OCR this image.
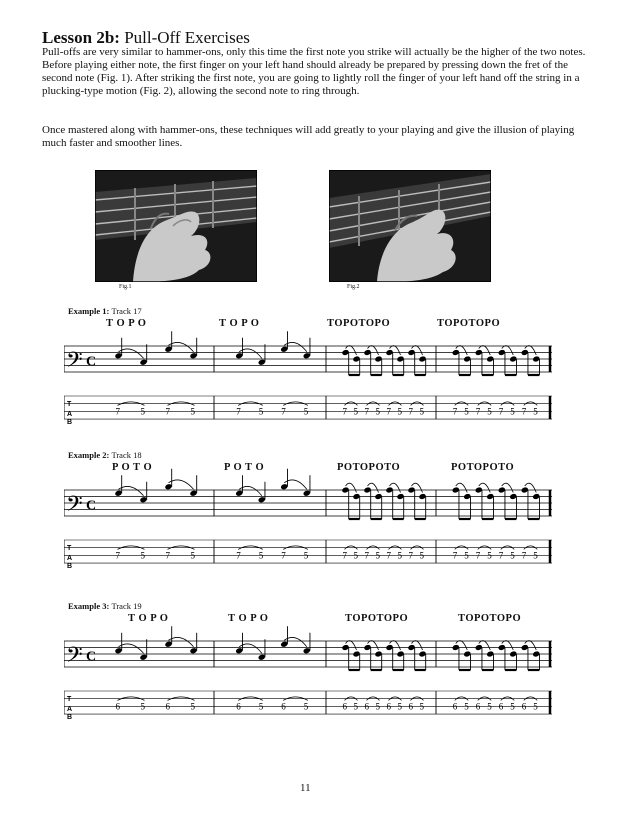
Lesson 2b: Pull-Off Exercises

Pull-offs are very similar to hammer-ons, only this time the first note you strike will actually be the higher of the two notes. Before playing either note, the first finger on your left hand should already be prepared by pressing down the fret of the second note (Fig. 1). After striking the first note, you are going to lightly roll the finger of your left hand off the string in a plucking-type motion (Fig. 2), allowing the second note to ring through.

Once mastered along with hammer-ons, these techniques will add greatly to your playing and give the illusion of playing much faster and smoother lines.

Fig.1	Fig.2
Example 1: Track 17
T O P O	T O P O	TOPOTOPO	TOPOTOPO
𝄢 C
T
A
B
7 5 7 5	7 5 7 5	7 5 7 5 7 5 7 5	7 5 7 5 7 5 7 5
Example 2: Track 18
P O T O	P O T O	POTOPOTO	POTOPOTO
𝄢 C
T
A
B
7 5 7 5	7 5 7 5	7 5 7 5 7 5 7 5	7 5 7 5 7 5 7 5
Example 3: Track 19
T O P O	T O P O	TOPOTOPO	TOPOTOPO
𝄢 C
T
A
B
6 5 6 5	6 5 6 5	6 5 6 5 6 5 6 5	6 5 6 5 6 5 6 5
11
